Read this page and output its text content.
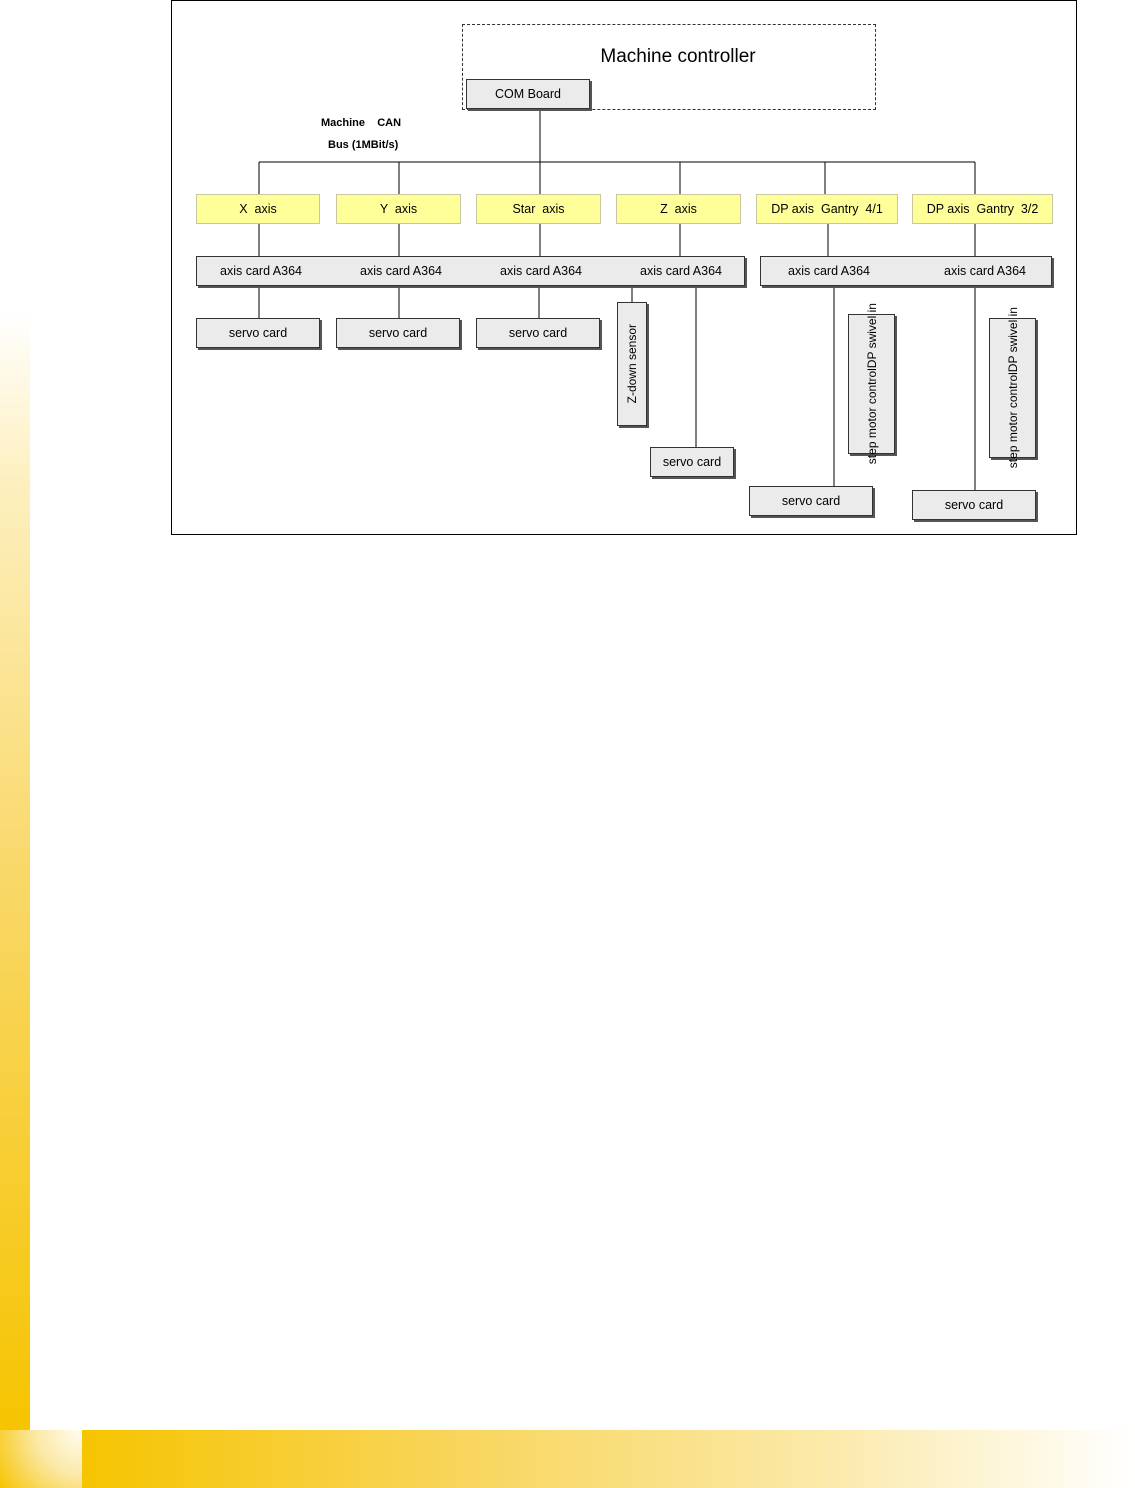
Machine controller
COM Board
Machine    CAN
Bus (1MBit/s)
X  axis	Y  axis	Star  axis	Z  axis	DP axis  Gantry  4/1	DP axis  Gantry  3/2
axis card A364	axis card A364	axis card A364	axis card A364	axis card A364	axis card A364
servo card	servo card	servo card
servo card
servo card	servo card
Z-down sensor
step motor control
DP swivel in
step motor control
DP swivel in
